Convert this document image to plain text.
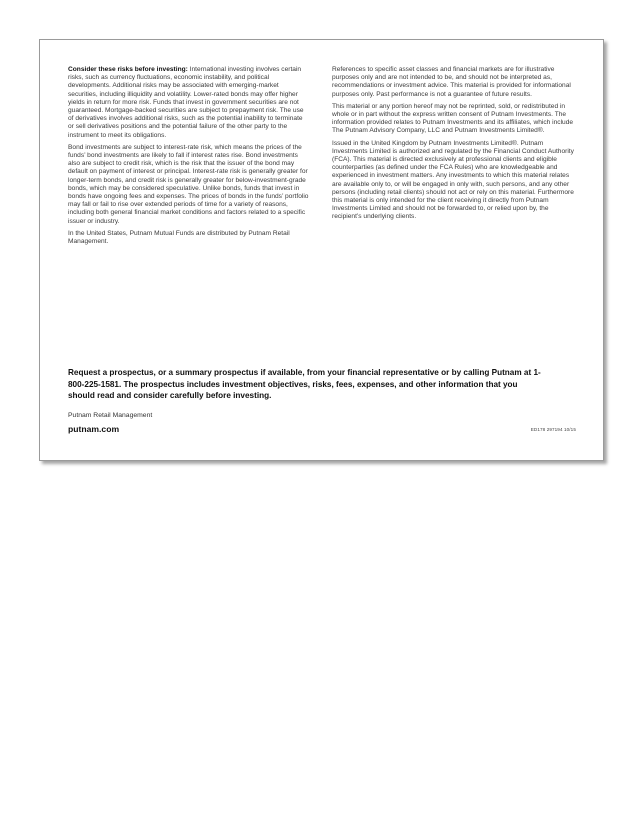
Consider these risks before investing: International investing involves certain risks, such as currency fluctuations, economic instability, and political developments. Additional risks may be associated with emerging-market securities, including illiquidity and volatility. Lower-rated bonds may offer higher yields in return for more risk. Funds that invest in government securities are not guaranteed. Mortgage-backed securities are subject to prepayment risk. The use of derivatives involves additional risks, such as the potential inability to terminate or sell derivatives positions and the potential failure of the other party to the instrument to meet its obligations.

Bond investments are subject to interest-rate risk, which means the prices of the funds’ bond investments are likely to fall if interest rates rise. Bond investments also are subject to credit risk, which is the risk that the issuer of the bond may default on payment of interest or principal. Interest-rate risk is generally greater for longer-term bonds, and credit risk is generally greater for below-investment-grade bonds, which may be considered speculative. Unlike bonds, funds that invest in bonds have ongoing fees and expenses. The prices of bonds in the funds’ portfolio may fall or fail to rise over extended periods of time for a variety of reasons, including both general financial market conditions and factors related to a specific issuer or industry.

In the United States, Putnam Mutual Funds are distributed by Putnam Retail Management.

References to specific asset classes and financial markets are for illustrative purposes only and are not intended to be, and should not be interpreted as, recommendations or investment advice. This material is provided for informational purposes only. Past performance is not a guarantee of future results.

This material or any portion hereof may not be reprinted, sold, or redistributed in whole or in part without the express written consent of Putnam Investments. The information provided relates to Putnam Investments and its affiliates, which include The Putnam Advisory Company, LLC and Putnam Investments Limited®.

Issued in the United Kingdom by Putnam Investments Limited®. Putnam Investments Limited is authorized and regulated by the Financial Conduct Authority (FCA). This material is directed exclusively at professional clients and eligible counterparties (as defined under the FCA Rules) who are knowledgeable and experienced in investment matters. Any investments to which this material relates are available only to, or will be engaged in only with, such persons, and any other persons (including retail clients) should not act or rely on this material. Furthermore this material is only intended for the client receiving it directly from Putnam Investments Limited and should not be forwarded to, or relied upon by, the recipient’s underlying clients.

Request a prospectus, or a summary prospectus if available, from your financial representative or by calling Putnam at 1-800-225-1581. The prospectus includes investment objectives, risks, fees, expenses, and other information that you should read and consider carefully before investing.
Putnam Retail Management
putnam.com	ED178 297194 10/15
